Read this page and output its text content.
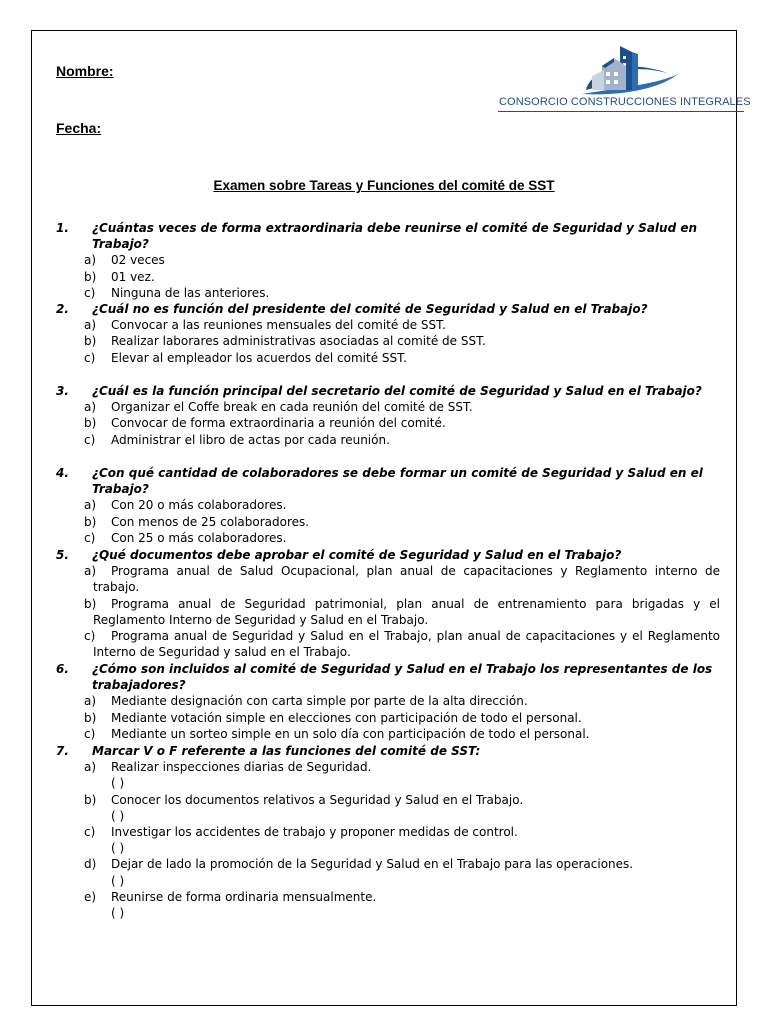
Nombre:
Fecha:
CONSORCIO CONSTRUCCIONES INTEGRALES
Examen sobre Tareas y Funciones del comité de SST
1. ¿Cuántas veces de forma extraordinaria debe reunirse el comité de Seguridad y Salud en Trabajo?
a) 02 veces
b) 01 vez.
c) Ninguna de las anteriores.
2. ¿Cuál no es función del presidente del comité de Seguridad y Salud en el Trabajo?
a) Convocar a las reuniones mensuales del comité de SST.
b) Realizar laborares administrativas asociadas al comité de SST.
c) Elevar al empleador los acuerdos del comité SST.
3. ¿Cuál es la función principal del secretario del comité de Seguridad y Salud en el Trabajo?
a) Organizar el Coffe break en cada reunión del comité de SST.
b) Convocar de forma extraordinaria a reunión del comité.
c) Administrar el libro de actas por cada reunión.
4. ¿Con qué cantidad de colaboradores se debe formar un comité de Seguridad y Salud en el Trabajo?
a) Con 20 o más colaboradores.
b) Con menos de 25 colaboradores.
c) Con 25 o más colaboradores.
5. ¿Qué documentos debe aprobar el comité de Seguridad y Salud en el Trabajo?
a) Programa anual de Salud Ocupacional, plan anual de capacitaciones y Reglamento interno de trabajo.
b) Programa anual de Seguridad patrimonial, plan anual de entrenamiento para brigadas y el Reglamento Interno de Seguridad y Salud en el Trabajo.
c) Programa anual de Seguridad y Salud en el Trabajo, plan anual de capacitaciones y el Reglamento Interno de Seguridad y salud en el Trabajo.
6. ¿Cómo son incluidos al comité de Seguridad y Salud en el Trabajo los representantes de los trabajadores?
a) Mediante designación con carta simple por parte de la alta dirección.
b) Mediante votación simple en elecciones con participación de todo el personal.
c) Mediante un sorteo simple en un solo día con participación de todo el personal.
7. Marcar V o F referente a las funciones del comité de SST:
a) Realizar inspecciones diarias de Seguridad.
( )
b) Conocer los documentos relativos a Seguridad y Salud en el Trabajo.
( )
c) Investigar los accidentes de trabajo y proponer medidas de control.
( )
d) Dejar de lado la promoción de la Seguridad y Salud en el Trabajo para las operaciones.
( )
e) Reunirse de forma ordinaria mensualmente.
( )
